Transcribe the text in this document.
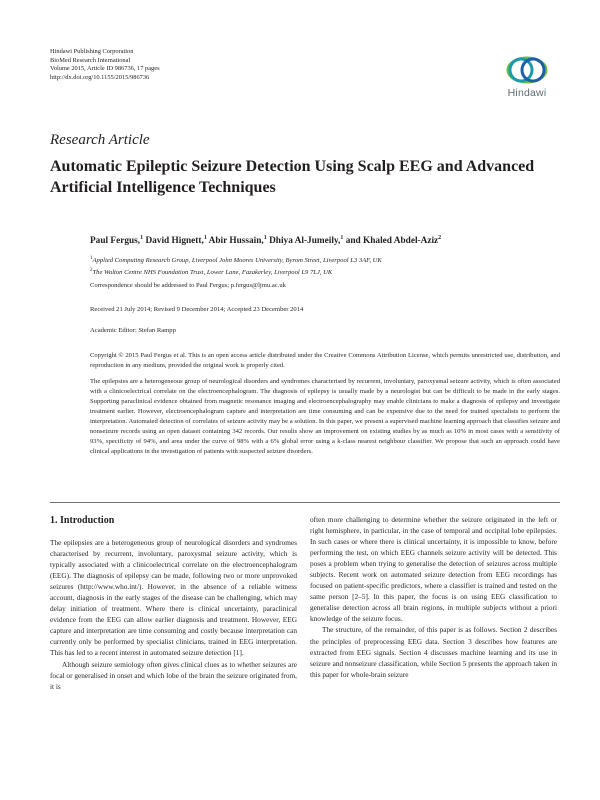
Hindawi Publishing Corporation
BioMed Research International
Volume 2015, Article ID 986736, 17 pages
http://dx.doi.org/10.1155/2015/986736
Hindawi
Research Article
Automatic Epileptic Seizure Detection Using Scalp EEG and Advanced Artificial Intelligence Techniques
Paul Fergus,$^1$ David Hignett,$^1$ Abir Hussain,$^1$ Dhiya Al-Jumeily,$^1$ and Khaled Abdel-Aziz$^2$
$^1$Applied Computing Research Group, Liverpool John Moores University, Byrom Street, Liverpool L3 3AF, UK
$^2$The Walton Centre NHS Foundation Trust, Lower Lane, Fazakerley, Liverpool L9 7LJ, UK
Correspondence should be addressed to Paul Fergus; p.fergus@ljmu.ac.uk
Received 21 July 2014; Revised 9 December 2014; Accepted 23 December 2014
Academic Editor: Stefan Rampp
Copyright © 2015 Paul Fergus et al. This is an open access article distributed under the Creative Commons Attribution License, which permits unrestricted use, distribution, and reproduction in any medium, provided the original work is properly cited.
The epilepsies are a heterogeneous group of neurological disorders and syndromes characterised by recurrent, involuntary, paroxysmal seizure activity, which is often associated with a clinicoelectrical correlate on the electroencephalogram. The diagnosis of epilepsy is usually made by a neurologist but can be difficult to be made in the early stages. Supporting paraclinical evidence obtained from magnetic resonance imaging and electroencephalography may enable clinicians to make a diagnosis of epilepsy and investigate treatment earlier. However, electroencephalogram capture and interpretation are time consuming and can be expensive due to the need for trained specialists to perform the interpretation. Automated detection of correlates of seizure activity may be a solution. In this paper, we present a supervised machine learning approach that classifies seizure and nonseizure records using an open dataset containing 342 records. Our results show an improvement on existing studies by as much as 10% in most cases with a sensitivity of 93%, specificity of 94%, and area under the curve of 98% with a 6% global error using a k-class nearest neighbour classifier. We propose that such an approach could have clinical applications in the investigation of patients with suspected seizure disorders.
1. Introduction

The epilepsies are a heterogeneous group of neurological disorders and syndromes characterised by recurrent, involuntary, paroxysmal seizure activity, which is typically associated with a clinicoelectrical correlate on the electroencephalogram (EEG). The diagnosis of epilepsy can be made, following two or more unprovoked seizures (http://www.who.int/). However, in the absence of a reliable witness account, diagnosis in the early stages of the disease can be challenging, which may delay initiation of treatment. Where there is clinical uncertainty, paraclinical evidence from the EEG can allow earlier diagnosis and treatment. However, EEG capture and interpretation are time consuming and costly because interpretation can currently only be performed by specialist clinicians, trained in EEG interpretation. This has led to a recent interest in automated seizure detection [1].

Although seizure semiology often gives clinical clues as to whether seizures are focal or generalised in onset and which lobe of the brain the seizure originated from, it is

often more challenging to determine whether the seizure originated in the left or right hemisphere, in particular, in the case of temporal and occipital lobe epilepsies. In such cases or where there is clinical uncertainty, it is impossible to know, before performing the test, on which EEG channels seizure activity will be detected. This poses a problem when trying to generalise the detection of seizures across multiple subjects. Recent work on automated seizure detection from EEG recordings has focused on patient-specific predictors, where a classifier is trained and tested on the same person [2–5]. In this paper, the focus is on using EEG classification to generalise detection across all brain regions, in multiple subjects without a priori knowledge of the seizure focus.

The structure, of the remainder, of this paper is as follows. Section 2 describes the principles of preprocessing EEG data. Section 3 describes how features are extracted from EEG signals. Section 4 discusses machine learning and its use in seizure and nonseizure classification, while Section 5 presents the approach taken in this paper for whole-brain seizure
